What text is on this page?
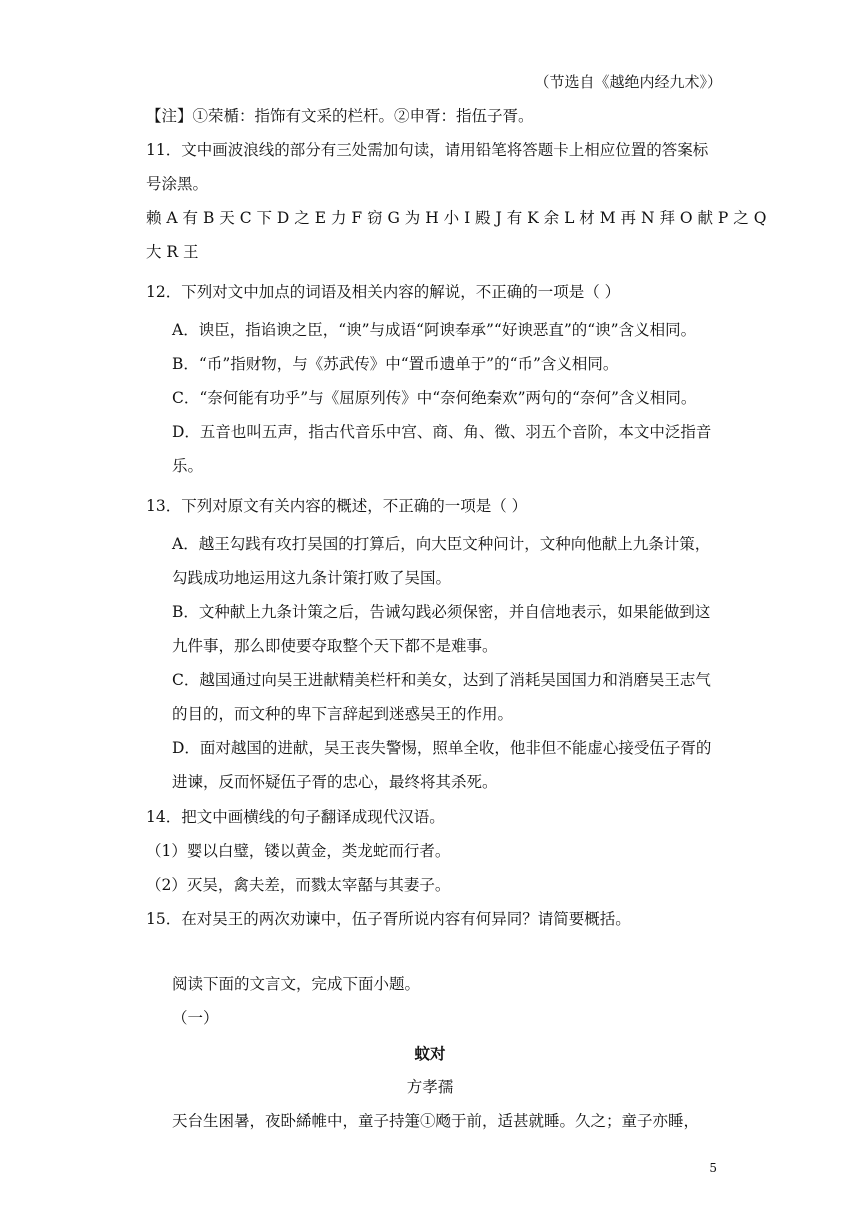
（节选自《越绝内经九术》）
【注】①荣楯：指饰有文采的栏杆。②申胥：指伍子胥。
11．文中画波浪线的部分有三处需加句读，请用铅笔将答题卡上相应位置的答案标
号涂黑。
赖 A 有 B 天 C 下 D 之 E 力 F 窃 G 为 H 小 I 殿 J 有 K 余 L 材 M 再 N 拜 O 献 P 之 Q
大 R 王
12．下列对文中加点的词语及相关内容的解说，不正确的一项是（ ）
A．谀臣，指谄谀之臣，“谀”与成语“阿谀奉承”“好谀恶直”的“谀”含义相同。
B．“币”指财物，与《苏武传》中“置币遗单于”的“币”含义相同。
C．“奈何能有功乎”与《屈原列传》中“奈何绝秦欢”两句的“奈何”含义相同。
D．五音也叫五声，指古代音乐中宫、商、角、徵、羽五个音阶，本文中泛指音
乐。
13．下列对原文有关内容的概述，不正确的一项是（ ）
A．越王勾践有攻打吴国的打算后，向大臣文种问计，文种向他献上九条计策，
勾践成功地运用这九条计策打败了吴国。
B．文种献上九条计策之后，告诫勾践必须保密，并自信地表示，如果能做到这
九件事，那么即使要夺取整个天下都不是难事。
C．越国通过向吴王进献精美栏杆和美女，达到了消耗吴国国力和消磨吴王志气
的目的，而文种的卑下言辞起到迷惑吴王的作用。
D．面对越国的进献，吴王丧失警惕，照单全收，他非但不能虚心接受伍子胥的
进谏，反而怀疑伍子胥的忠心，最终将其杀死。
14．把文中画横线的句子翻译成现代汉语。
（1）婴以白璧，镂以黄金，类龙蛇而行者。
（2）灭吴，禽夫差，而戮太宰嚭与其妻子。
15．在对吴王的两次劝谏中，伍子胥所说内容有何异同？请简要概括。
阅读下面的文言文，完成下面小题。
（一）
蚊对
方孝孺
天台生困暑，夜卧絺帷中，童子持箑①飏于前，适甚就睡。久之；童子亦睡，
5
